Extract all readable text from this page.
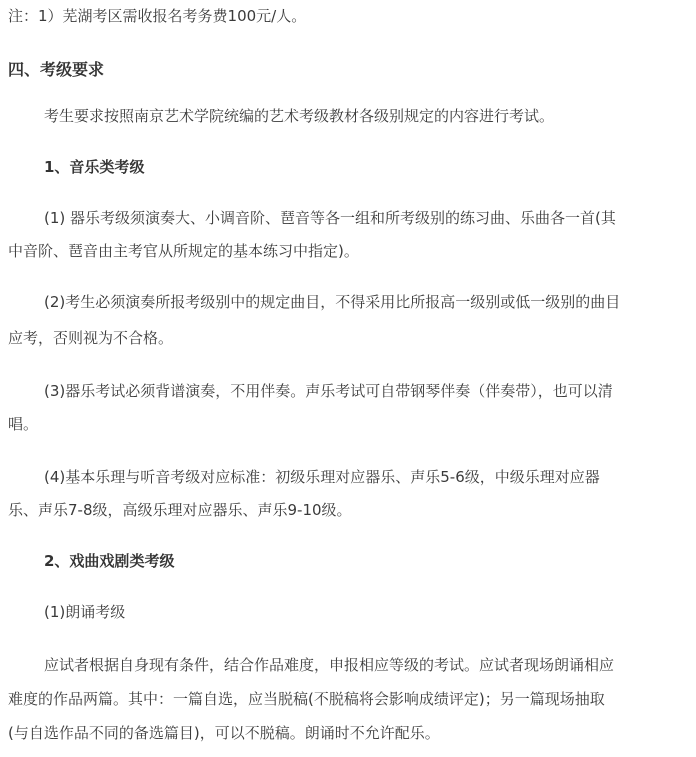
注：1）芜湖考区需收报名考务费100元/人。
四、考级要求
考生要求按照南京艺术学院统编的艺术考级教材各级别规定的内容进行考试。
1、音乐类考级
(1) 器乐考级须演奏大、小调音阶、琶音等各一组和所考级别的练习曲、乐曲各一首(其
中音阶、琶音由主考官从所规定的基本练习中指定)。
(2)考生必须演奏所报考级别中的规定曲目，不得采用比所报高一级别或低一级别的曲目
应考，否则视为不合格。
(3)器乐考试必须背谱演奏，不用伴奏。声乐考试可自带钢琴伴奏（伴奏带），也可以清
唱。
(4)基本乐理与听音考级对应标准：初级乐理对应器乐、声乐5-6级，中级乐理对应器
乐、声乐7-8级，高级乐理对应器乐、声乐9-10级。
2、戏曲戏剧类考级
(1)朗诵考级
应试者根据自身现有条件，结合作品难度，申报相应等级的考试。应试者现场朗诵相应
难度的作品两篇。其中：一篇自选，应当脱稿(不脱稿将会影响成绩评定)；另一篇现场抽取
(与自选作品不同的备选篇目)，可以不脱稿。朗诵时不允许配乐。
